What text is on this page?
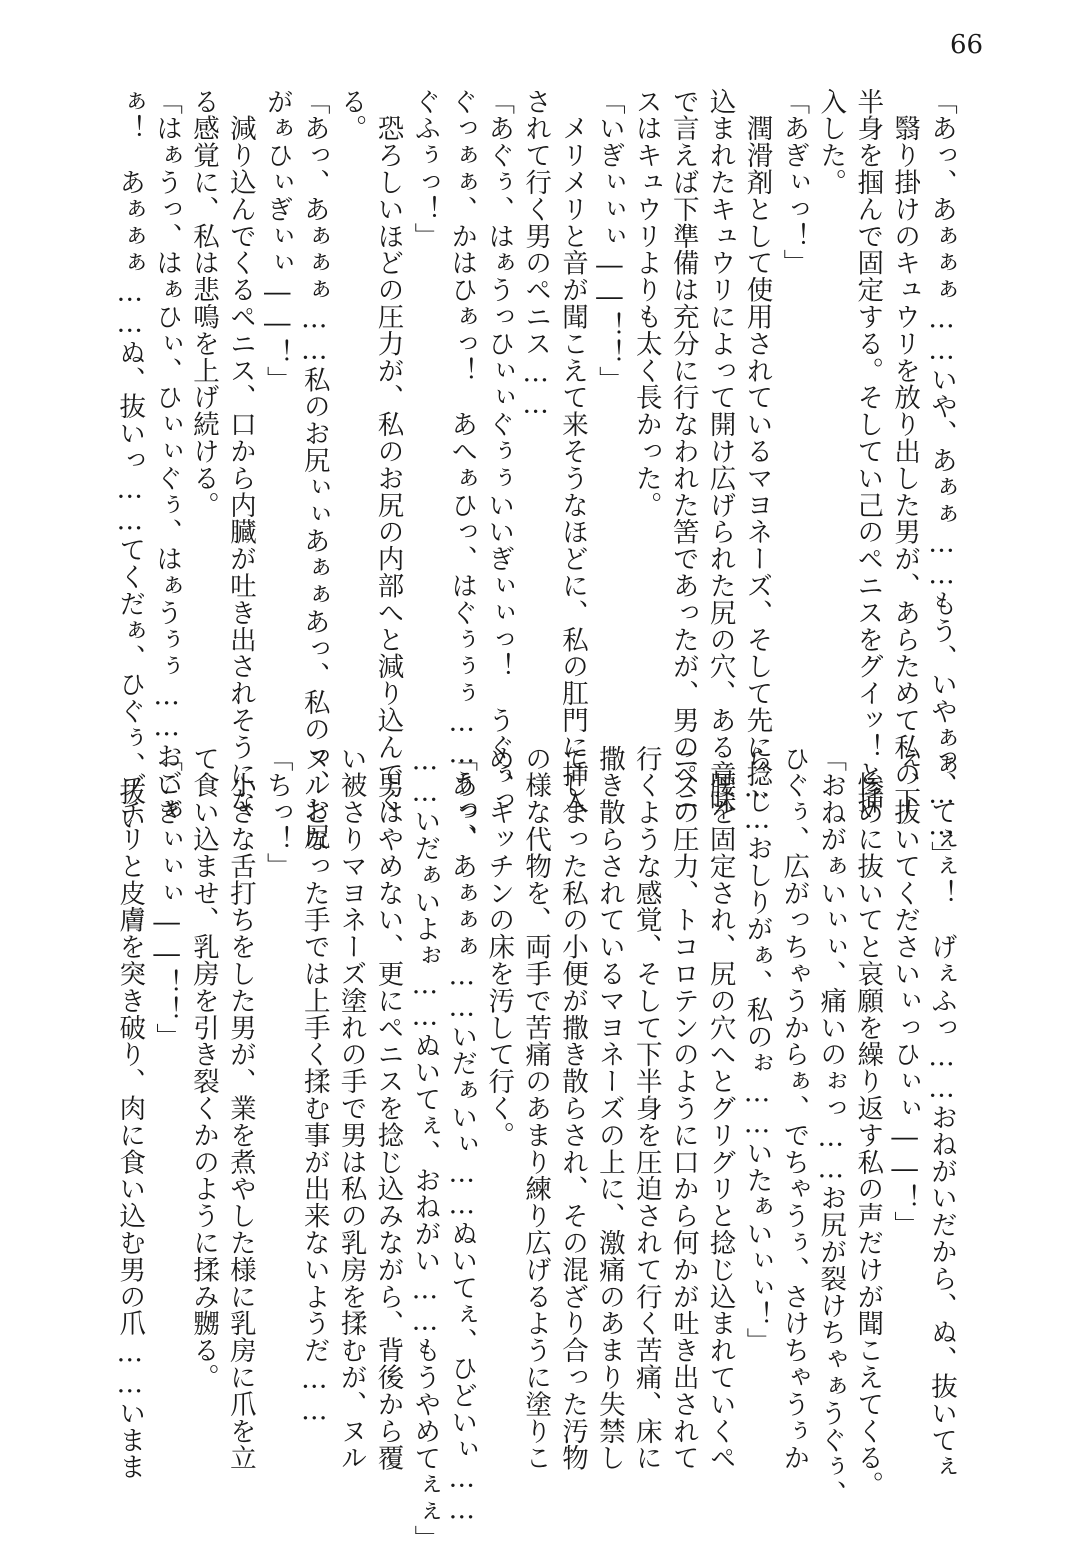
66
「あっ、あぁぁぁ……いや、あぁぁ……もう、いやぁぁ……」
　翳り掛けのキュウリを放り出した男が、あらためて私の下
半身を掴んで固定する。そしてい己のペニスをグイッ！と挿
入した。
「あぎぃっ！」
　潤滑剤として使用されているマヨネーズ、そして先に捻じ
込まれたキュウリによって開け広げられた尻の穴、ある意味
で言えば下準備は充分に行なわれた筈であったが、男のペニ
スはキュウリよりも太く長かった。
「いぎぃぃぃ――！！」
　メリメリと音が聞こえて来そうなほどに、私の肛門に挿入
されて行く男のペニス……
「あぐぅ、はぁうっひぃぃぐぅぅいいぎぃぃっ！　うぐぅっ
ぐっぁぁ、かはひぁっ！　あへぁひっ、はぐぅぅぅ……うっ、
ぐふぅっ！」
　恐ろしいほどの圧力が、私のお尻の内部へと減り込んでく
る。
「あっ、あぁぁぁ……私のお尻ぃぃあぁぁあっ、私のっ、お尻
がぁひぃぎぃぃ――！」
　減り込んでくるペニス、口から内臓が吐き出されそうにな
る感覚に、私は悲鳴を上げ続ける。
「はぁうっ、はぁひぃ、ひぃぃぐぅ、はぁうぅぅ……おごぁ
ぁ！　あぁぁぁ……ぬ、抜いっ……てくだぁ、ひぐぅ、抜い
っ、てぇぇ！　げぇふっ……おねがいだから、ぬ、抜いてぇ
ぇ、抜いてくださいぃっひぃぃ――！」
　惨めに抜いてと哀願を繰り返す私の声だけが聞こえてくる。
「おねがぁいぃぃ、痛いのぉっ……お尻が裂けちゃぁうぐぅ、
ひぐぅ、広がっちゃうからぁ、でちゃうぅ、さけちゃうぅか
ら……おしりがぁ、私のぉ……いたぁいぃぃ！」
　腰を固定され、尻の穴へとグリグリと捻じ込まれていくペ
ニスの圧力、トコロテンのように口から何かが吐き出されて
行くような感覚、そして下半身を圧迫されて行く苦痛、床に
撒き散らされているマヨネーズの上に、激痛のあまり失禁し
てしまった私の小便が撒き散らされ、その混ざり合った汚物
の様な代物を、両手で苦痛のあまり練り広げるように塗りこ
め、キッチンの床を汚して行く。
「あっ、あぁぁぁ……いだぁいぃ……ぬいてぇ、ひどいぃ……
……いだぁいよぉ……ぬいてぇ、おねがい……もうやめてぇぇ」
　男はやめない、更にペニスを捻じ込みながら、背後から覆
い被さりマヨネーズ塗れの手で男は私の乳房を揉むが、ヌル
ヌルとなった手では上手く揉む事が出来ないようだ……
「ちっ！」
　小さな舌打ちをした男が、業を煮やした様に乳房に爪を立
て食い込ませ、乳房を引き裂くかのように揉み嬲る。
「いぎぃぃぃ――！！」
　ブチリと皮膚を突き破り、肉に食い込む男の爪……いまま
